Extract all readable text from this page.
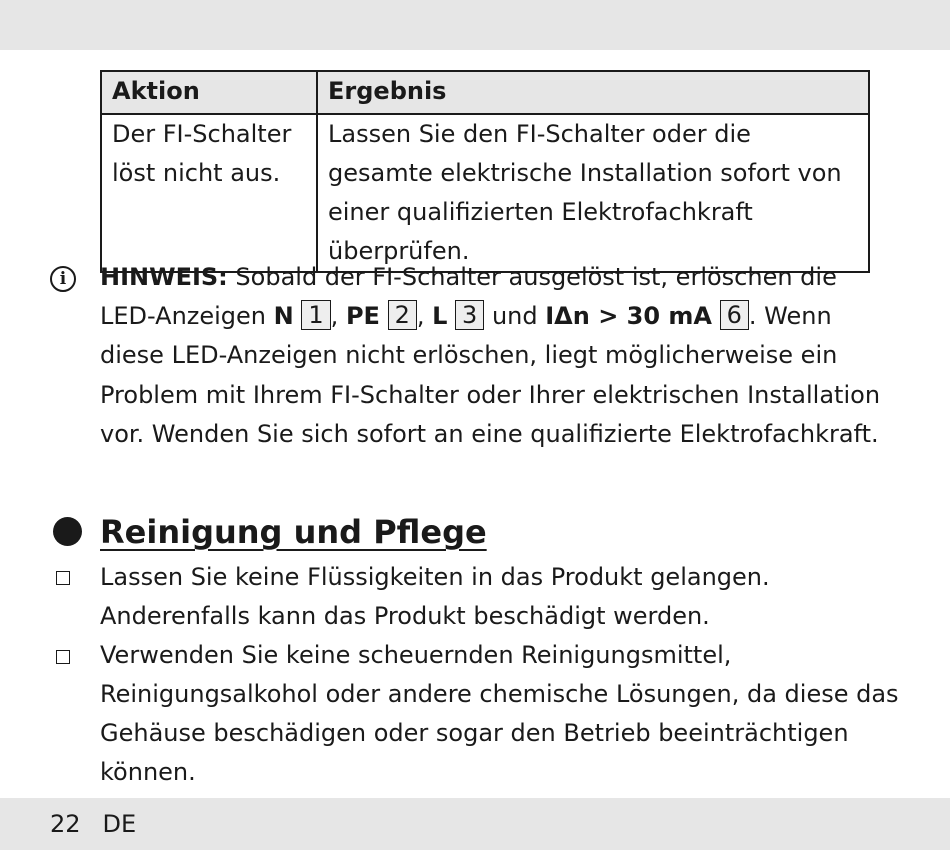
Aktion	Ergebnis
Der FI-Schalter löst nicht aus.	Lassen Sie den FI-Schalter oder die gesamte elektrische Installation sofort von einer qualifizierten Elektrofachkraft überprüfen.
i	HINWEIS: Sobald der FI-Schalter ausgelöst ist, erlöschen die LED-Anzeigen N 1 , PE 2 , L 3 und IΔn > 30 mA 6 . Wenn diese LED-Anzeigen nicht erlöschen, liegt möglicherweise ein Problem mit Ihrem FI-Schalter oder Ihrer elektrischen Installation vor. Wenden Sie sich sofort an eine qualifizierte Elektrofachkraft.
Reinigung und Pflege
Lassen Sie keine Flüssigkeiten in das Produkt gelangen. Anderenfalls kann das Produkt beschädigt werden.
Verwenden Sie keine scheuernden Reinigungsmittel, Reinigungsalkohol oder andere chemische Lösungen, da diese das Gehäuse beschädigen oder sogar den Betrieb beeinträchtigen können.
22 DE
